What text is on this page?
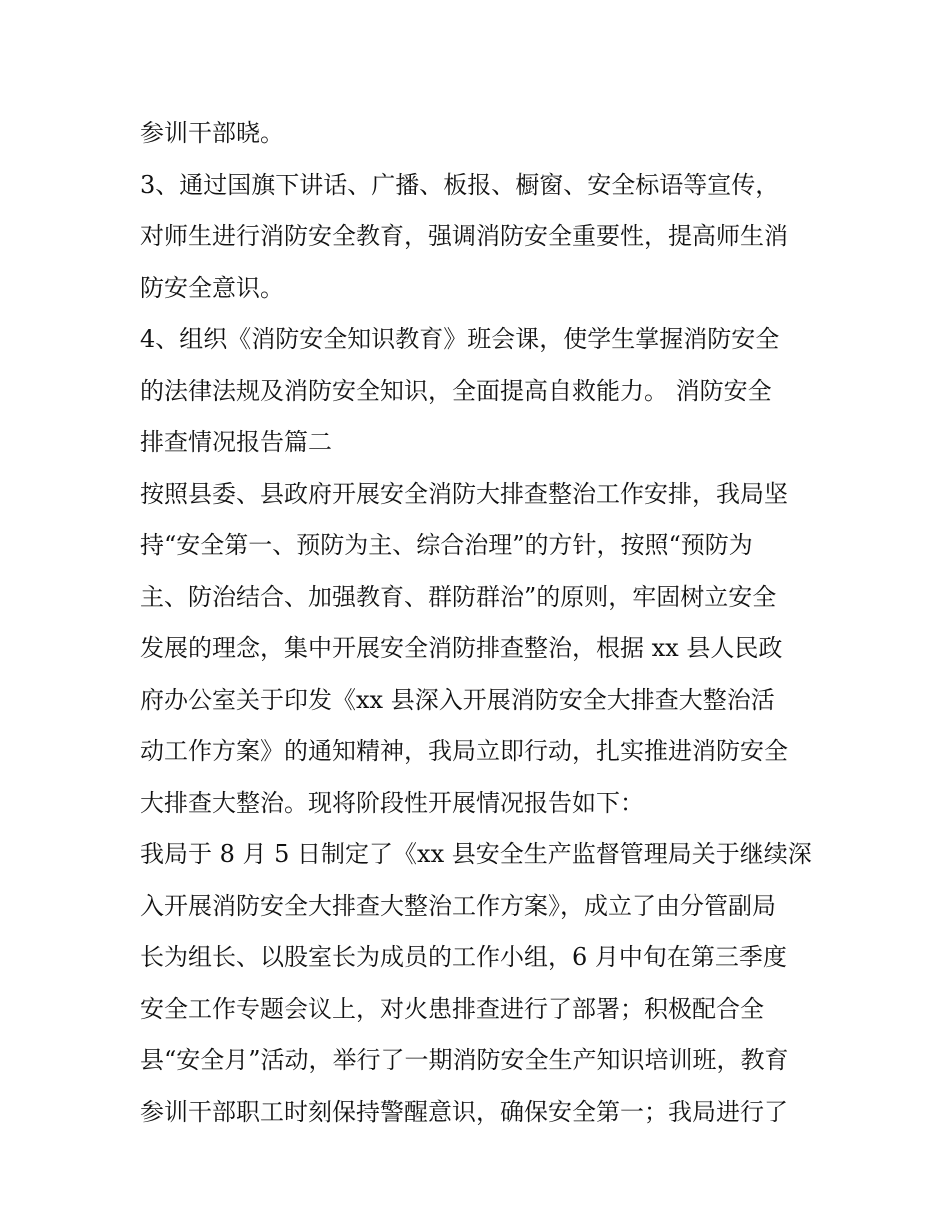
参训干部晓。
3、通过国旗下讲话、广播、板报、橱窗、安全标语等宣传，
对师生进行消防安全教育，强调消防安全重要性，提高师生消
防安全意识。
4、组织《消防安全知识教育》班会课，使学生掌握消防安全
的法律法规及消防安全知识，全面提高自救能力。 消防安全
排查情况报告篇二
按照县委、县政府开展安全消防大排查整治工作安排，我局坚
持“安全第一、预防为主、综合治理”的方针，按照“预防为
主、防治结合、加强教育、群防群治”的原则，牢固树立安全
发展的理念，集中开展安全消防排查整治，根据 xx 县人民政
府办公室关于印发《xx 县深入开展消防安全大排查大整治活
动工作方案》的通知精神，我局立即行动，扎实推进消防安全
大排查大整治。现将阶段性开展情况报告如下：
我局于 8 月 5 日制定了《xx 县安全生产监督管理局关于继续深
入开展消防安全大排查大整治工作方案》，成立了由分管副局
长为组长、以股室长为成员的工作小组，6 月中旬在第三季度
安全工作专题会议上，对火患排查进行了部署；积极配合全
县“安全月”活动，举行了一期消防安全生产知识培训班，教育
参训干部职工时刻保持警醒意识，确保安全第一；我局进行了
